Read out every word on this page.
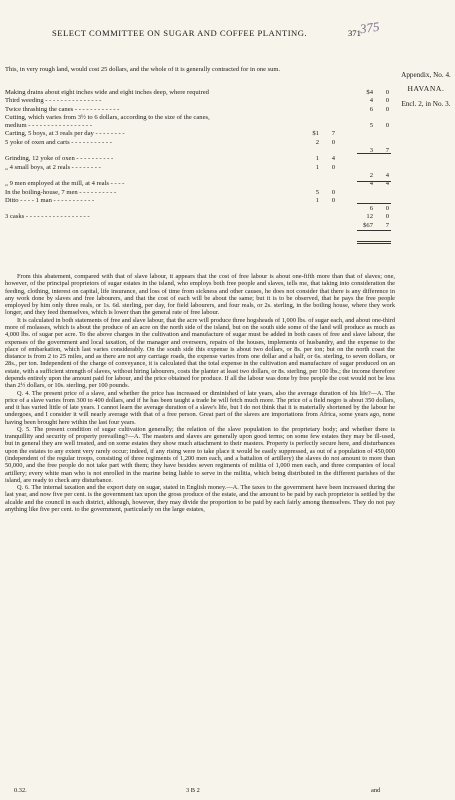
SELECT COMMITTEE ON SUGAR AND COFFEE PLANTING.	371
375
Appendix, No. 4.
HAVANA.
Encl. 2, in No. 3.
This, in very rough land, would cost 25 dollars, and the whole of it is generally contracted for in one sum.
Making drains about eight inches wide and eight inches deep, where required	$4	0
Third weeding - - - - - - - - - - - - - - -	4	0
Twice thrashing the canes - - - - - - - - - - - -	6	0
Cutting, which varies from 3½ to 6 dollars, according to the size of the canes,
medium - - - - - - - - - - - - - - - - -	5	0
Carting, 5 boys, at 3 reals per day - - - - - - - -	$1	7
5 yoke of oxen and carts - - - - - - - - - - -	2	0
3	7
Grinding, 12 yoke of oxen - - - - - - - - - -	1	4
„ 4 small boys, at 2 reals - - - - - - - -	1	0
2	4
„ 9 men employed at the mill, at 4 reals - - - -	4	4
In the boiling-house, 7 men - - - - - - - - - -	5	0
Ditto - - - - 1 man - - - - - - - - - - -	1	0
6	0
3 casks - - - - - - - - - - - - - - - - -	12	0
$67	7

From this abatement, compared with that of slave labour, it appears that the cost of free labour is about one-fifth more than that of slaves; one, however, of the principal proprietors of sugar estates in the island, who employs both free people and slaves, tells me, that taking into consideration the feeding, clothing, interest on capital, life insurance, and loss of time from sickness and other causes, he does not consider that there is any difference in any work done by slaves and free labourers, and that the cost of each will be about the same; but it is to be observed, that he pays the free people employed by him only three reals, or 1s. 6d. sterling, per day, for field labourers, and four reals, or 2s. sterling, in the boiling house, where they work longer, and they feed themselves, which is lower than the general rate of free labour.

It is calculated in both statements of free and slave labour, that the acre will produce three hogsheads of 1,000 lbs. of sugar each, and about one-third more of molasses, which is about the produce of an acre on the north side of the island, but on the south side some of the land will produce as much as 4,000 lbs. of sugar per acre. To the above charges in the cultivation and manufacture of sugar must be added in both cases of free and slave labour, the expenses of the government and local taxation, of the manager and overseers, repairs of the houses, implements of husbandry, and the expense to the place of embarkation, which last varies considerably. On the south side this expense is about two dollars, or 8s. per ton; but on the north coast the distance is from 2 to 25 miles, and as there are not any carriage roads, the expense varies from one dollar and a half, or 6s. sterling, to seven dollars, or 28s., per ton. Independent of the charge of conveyance, it is calculated that the total expense in the cultivation and manufacture of sugar produced on an estate, with a sufficient strength of slaves, without hiring labourers, costs the planter at least two dollars, or 8s. sterling, per 100 lbs.; the income therefore depends entirely upon the amount paid for labour, and the price obtained for produce. If all the labour was done by free people the cost would not be less than 2½ dollars, or 10s. sterling, per 100 pounds.

Q. 4. The present price of a slave, and whether the price has increased or diminished of late years, also the average duration of his life?—A. The price of a slave varies from 300 to 400 dollars, and if he has been taught a trade he will fetch much more. The price of a field negro is about 350 dollars, and it has varied little of late years. I cannot learn the average duration of a slave's life, but I do not think that it is materially shortened by the labour he undergoes, and I consider it will nearly average with that of a free person. Great part of the slaves are importations from Africa, some years ago, none having been brought here within the last four years.

Q. 5. The present condition of sugar cultivation generally; the relation of the slave population to the proprietary body; and whether there is tranquillity and security of property prevailing?—A. The masters and slaves are generally upon good terms; on some few estates they may be ill-used, but in general they are well treated, and on some estates they show much attachment to their masters. Property is perfectly secure here, and disturbances upon the estates to any extent very rarely occur; indeed, if any rising were to take place it would be easily suppressed, as out of a population of 450,000 (independent of the regular troops, consisting of three regiments of 1,200 men each, and a battalion of artillery) the slaves do not amount to more than 50,000, and the free people do not take part with them; they have besides seven regiments of militia of 1,000 men each, and three companies of local artillery; every white man who is not enrolled in the marine being liable to serve in the militia, which being distributed in the different parishes of the island, are ready to check any disturbance.

Q. 6. The internal taxation and the export duty on sugar, stated in English money.—A. The taxes to the government have been increased during the last year, and now five per cent. is the government tax upon the gross produce of the estate, and the amount to be paid by each proprietor is settled by the alcalde and the council in each district, although, however, they may divide the proportion to be paid by each fairly among themselves. They do not pay anything like five per cent. to the government, particularly on the large estates,

0.32.	3 B 2	and
